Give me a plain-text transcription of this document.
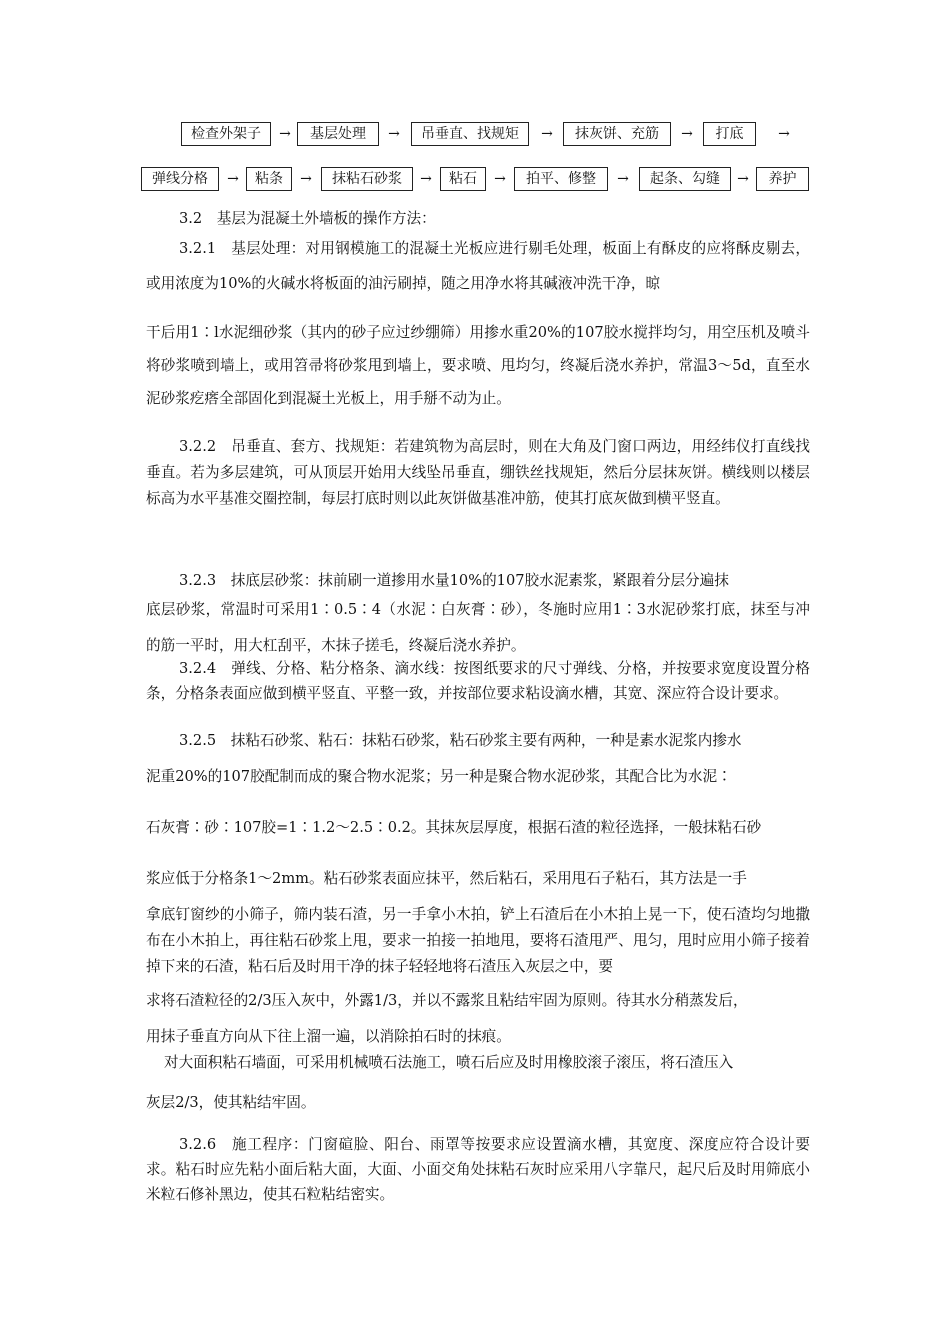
检查外架子	→	基层处理	→	吊垂直、找规矩	→	抹灰饼、充筋	→	打底	→
弹线分格	→	粘条	→	抹粘石砂浆	→	粘石	→	拍平、修整	→	起条、勾缝	→	养护

3.2　基层为混凝土外墙板的操作方法：

3.2.1　基层处理：对用钢模施工的混凝土光板应进行剔毛处理，板面上有酥皮的应将酥皮剔去，或用浓度为10%的火碱水将板面的油污刷掉，随之用净水将其碱液冲洗干净，晾

干后用1∶l水泥细砂浆（其内的砂子应过纱绷筛）用掺水重20%的107胶水搅拌均匀，用空压机及喷斗将砂浆喷到墙上，或用笤帚将砂浆甩到墙上，要求喷、甩均匀，终凝后浇水养护，常温3～5d，直至水泥砂浆疙瘩全部固化到混凝土光板上，用手掰不动为止。

3.2.2　吊垂直、套方、找规矩：若建筑物为高层时，则在大角及门窗口两边，用经纬仪打直线找垂直。若为多层建筑，可从顶层开始用大线坠吊垂直，绷铁丝找规矩，然后分层抹灰饼。横线则以楼层标高为水平基准交圈控制，每层打底时则以此灰饼做基准冲筋，使其打底灰做到横平竖直。

3.2.3　抹底层砂浆：抹前刷一道掺用水量10%的107胶水泥素浆，紧跟着分层分遍抹

底层砂浆，常温时可采用1∶0.5∶4（水泥∶白灰膏∶砂），冬施时应用1∶3水泥砂浆打底，抹至与冲的筋一平时，用大杠刮平，木抹子搓毛，终凝后浇水养护。

3.2.4　弹线、分格、粘分格条、滴水线：按图纸要求的尺寸弹线、分格，并按要求宽度设置分格条，分格条表面应做到横平竖直、平整一致，并按部位要求粘设滴水槽，其宽、深应符合设计要求。

3.2.5　抹粘石砂浆、粘石：抹粘石砂浆，粘石砂浆主要有两种，一种是素水泥浆内掺水

泥重20%的107胶配制而成的聚合物水泥浆；另一种是聚合物水泥砂浆，其配合比为水泥∶

石灰膏∶砂∶107胶=1∶1.2～2.5∶0.2。其抹灰层厚度，根据石渣的粒径选择，一般抹粘石砂

浆应低于分格条1～2mm。粘石砂浆表面应抹平，然后粘石，采用甩石子粘石，其方法是一手

拿底钉窗纱的小筛子，筛内装石渣，另一手拿小木拍，铲上石渣后在小木拍上晃一下，使石渣均匀地撒布在小木拍上，再往粘石砂浆上甩，要求一拍接一拍地甩，要将石渣甩严、甩匀，甩时应用小筛子接着掉下来的石渣，粘石后及时用干净的抹子轻轻地将石渣压入灰层之中，要

求将石渣粒径的2/3压入灰中，外露1/3，并以不露浆且粘结牢固为原则。待其水分稍蒸发后，

用抹子垂直方向从下往上溜一遍，以消除拍石时的抹痕。

对大面积粘石墙面，可采用机械喷石法施工，喷石后应及时用橡胶滚子滚压，将石渣压入

灰层2/3，使其粘结牢固。

3.2.6　施工程序：门窗碹脸、阳台、雨罩等按要求应设置滴水槽，其宽度、深度应符合设计要求。粘石时应先粘小面后粘大面，大面、小面交角处抹粘石灰时应采用八字靠尺，起尺后及时用筛底小米粒石修补黑边，使其石粒粘结密实。
